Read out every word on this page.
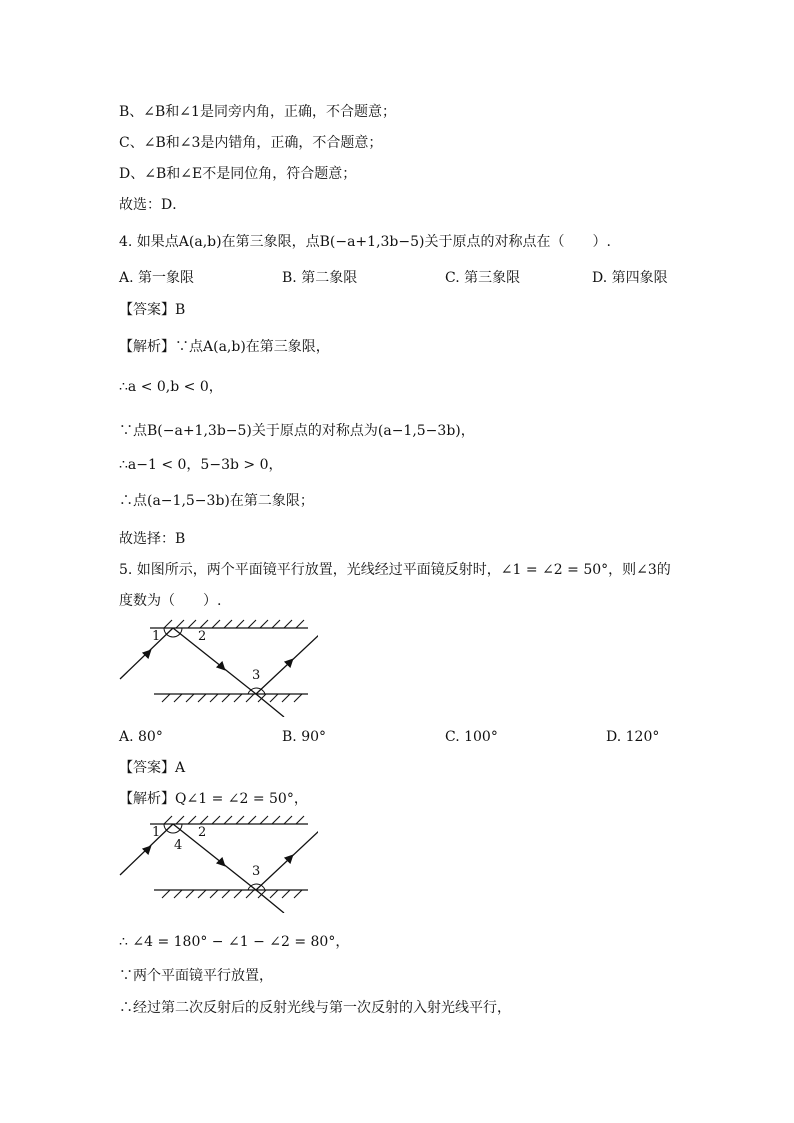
B、∠B和∠1是同旁内角，正确，不合题意；
C、∠B和∠3是内错角，正确，不合题意；
D、∠B和∠E不是同位角，符合题意；
故选：D．
4. 如果点A(a,b)在第三象限，点B(−a+1,3b−5)关于原点的对称点在（　　）.
A. 第一象限	B. 第二象限	C. 第三象限	D. 第四象限
【答案】B
【解析】∵点A(a,b)在第三象限，
∴a < 0,b < 0，
∵点B(−a+1,3b−5)关于原点的对称点为(a−1,5−3b)，
∴a−1 < 0，5−3b > 0，
∴点(a−1,5−3b)在第二象限；
故选择：B
5. 如图所示，两个平面镜平行放置，光线经过平面镜反射时，∠1 = ∠2 = 50°，则∠3的
度数为（　　）.
1	2
3
A. 80°	B. 90°	C. 100°	D. 120°
【答案】A
【解析】Q∠1 = ∠2 = 50°，
1	2
3
4
∴ ∠4 = 180° − ∠1 − ∠2 = 80°，
∵两个平面镜平行放置，
∴经过第二次反射后的反射光线与第一次反射的入射光线平行，
